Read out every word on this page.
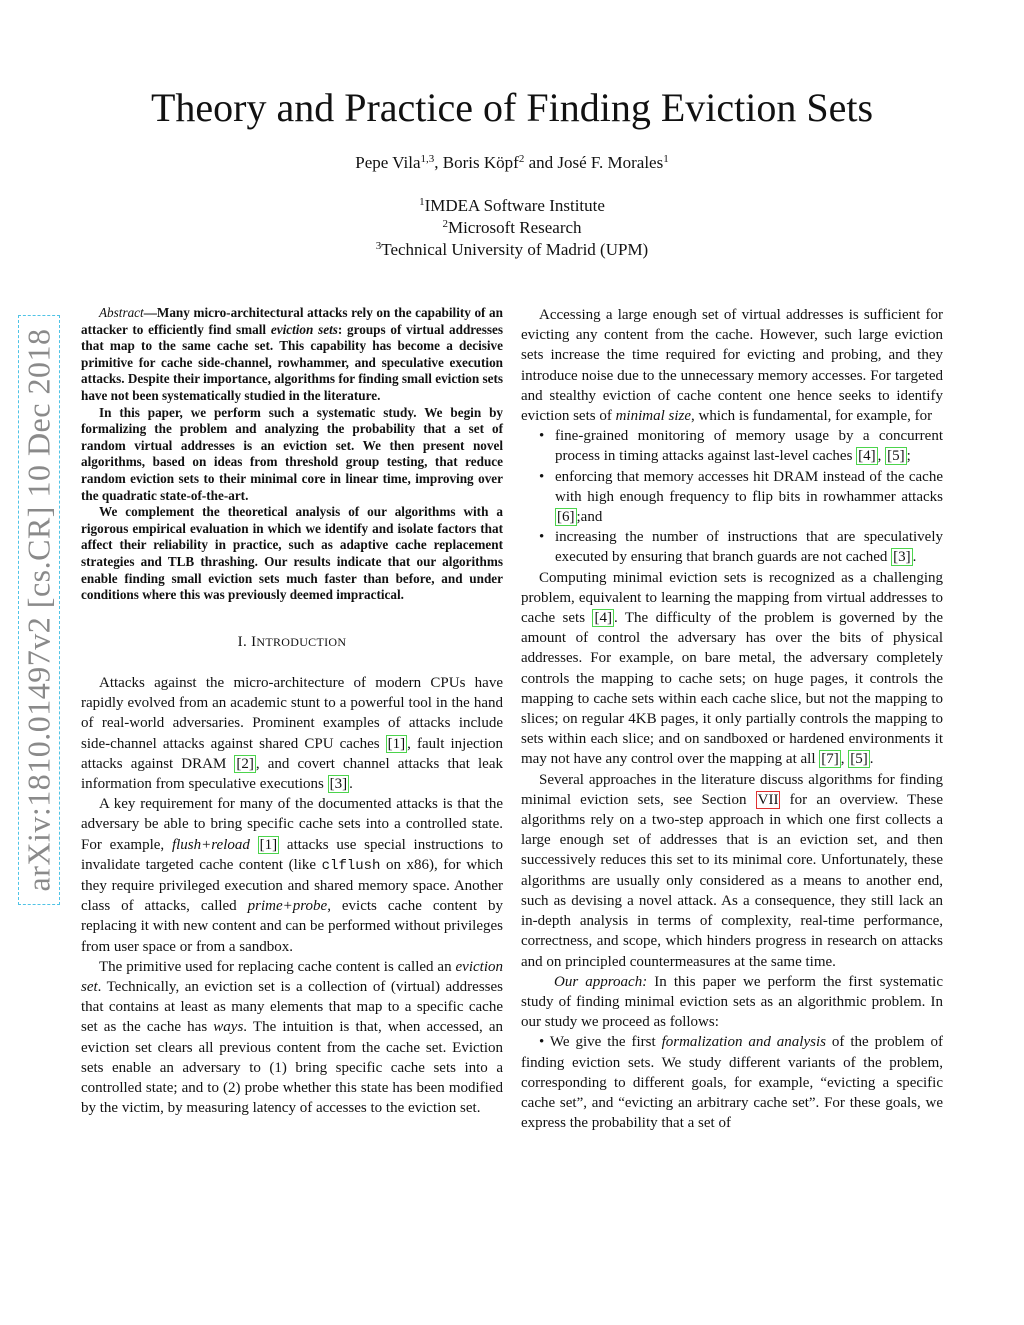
arXiv:1810.01497v2 [cs.CR] 10 Dec 2018
Theory and Practice of Finding Eviction Sets
Pepe Vila$^{1,3}$, Boris Köpf$^2$ and José F. Morales$^1$
$^1$IMDEA Software Institute
$^2$Microsoft Research
$^3$Technical University of Madrid (UPM)

Abstract—Many micro-architectural attacks rely on the capability of an attacker to efficiently find small eviction sets: groups of virtual addresses that map to the same cache set. This capability has become a decisive primitive for cache side-channel, rowhammer, and speculative execution attacks. Despite their importance, algorithms for finding small eviction sets have not been systematically studied in the literature.

In this paper, we perform such a systematic study. We begin by formalizing the problem and analyzing the probability that a set of random virtual addresses is an eviction set. We then present novel algorithms, based on ideas from threshold group testing, that reduce random eviction sets to their minimal core in linear time, improving over the quadratic state-of-the-art.

We complement the theoretical analysis of our algorithms with a rigorous empirical evaluation in which we identify and isolate factors that affect their reliability in practice, such as adaptive cache replacement strategies and TLB thrashing. Our results indicate that our algorithms enable finding small eviction sets much faster than before, and under conditions where this was previously deemed impractical.

I. INTRODUCTION

Attacks against the micro-architecture of modern CPUs have rapidly evolved from an academic stunt to a powerful tool in the hand of real-world adversaries. Prominent examples of attacks include side-channel attacks against shared CPU caches [1] , fault injection attacks against DRAM [2] , and covert channel attacks that leak information from speculative executions [3] .

A key requirement for many of the documented attacks is that the adversary be able to bring specific cache sets into a controlled state. For example, flush+reload [1] attacks use special instructions to invalidate targeted cache content (like clflush on x86), for which they require privileged execution and shared memory space. Another class of attacks, called prime+probe, evicts cache content by replacing it with new content and can be performed without privileges from user space or from a sandbox.

The primitive used for replacing cache content is called an eviction set. Technically, an eviction set is a collection of (virtual) addresses that contains at least as many elements that map to a specific cache set as the cache has ways. The intuition is that, when accessed, an eviction set clears all previous content from the cache set. Eviction sets enable an adversary to (1) bring specific cache sets into a controlled state; and to (2) probe whether this state has been modified by the victim, by measuring latency of accesses to the eviction set.

Accessing a large enough set of virtual addresses is sufficient for evicting any content from the cache. However, such large eviction sets increase the time required for evicting and probing, and they introduce noise due to the unnecessary memory accesses. For targeted and stealthy eviction of cache content one hence seeks to identify eviction sets of minimal size, which is fundamental, for example, for

• fine-grained monitoring of memory usage by a concurrent process in timing attacks against last-level caches [4] , [5] ;
• enforcing that memory accesses hit DRAM instead of the cache with high enough frequency to flip bits in rowhammer attacks [6] ;and
• increasing the number of instructions that are speculatively executed by ensuring that branch guards are not cached [3] .

Computing minimal eviction sets is recognized as a challenging problem, equivalent to learning the mapping from virtual addresses to cache sets [4] . The difficulty of the problem is governed by the amount of control the adversary has over the bits of physical addresses. For example, on bare metal, the adversary completely controls the mapping to cache sets; on huge pages, it controls the mapping to cache sets within each cache slice, but not the mapping to slices; on regular 4KB pages, it only partially controls the mapping to sets within each slice; and on sandboxed or hardened environments it may not have any control over the mapping at all [7] , [5] .

Several approaches in the literature discuss algorithms for finding minimal eviction sets, see Section VII for an overview. These algorithms rely on a two-step approach in which one first collects a large enough set of addresses that is an eviction set, and then successively reduces this set to its minimal core. Unfortunately, these algorithms are usually only considered as a means to another end, such as devising a novel attack. As a consequence, they still lack an in-depth analysis in terms of complexity, real-time performance, correctness, and scope, which hinders progress in research on attacks and on principled countermeasures at the same time.

Our approach: In this paper we perform the first systematic study of finding minimal eviction sets as an algorithmic problem. In our study we proceed as follows:

• We give the first formalization and analysis of the problem of finding eviction sets. We study different variants of the problem, corresponding to different goals, for example, “evicting a specific cache set”, and “evicting an arbitrary cache set”. For these goals, we express the probability that a set of
